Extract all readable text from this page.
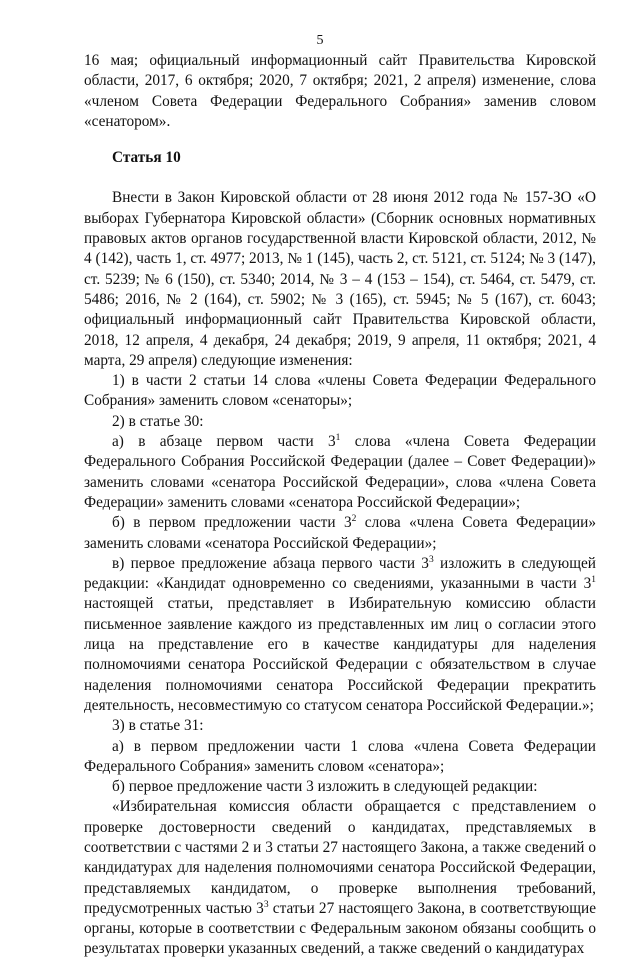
5

16 мая; официальный информационный сайт Правительства Кировской области, 2017, 6 октября; 2020, 7 октября; 2021, 2 апреля) изменение, слова «членом Совета Федерации Федерального Собрания» заменив словом «сенатором».

Статья 10

Внести в Закон Кировской области от 28 июня 2012 года № 157-ЗО «О выборах Губернатора Кировской области» (Сборник основных нормативных правовых актов органов государственной власти Кировской области, 2012, № 4 (142), часть 1, ст. 4977; 2013, № 1 (145), часть 2, ст. 5121, ст. 5124; № 3 (147), ст. 5239; № 6 (150), ст. 5340; 2014, № 3 – 4 (153 – 154), ст. 5464, ст. 5479, ст. 5486; 2016, № 2 (164), ст. 5902; № 3 (165), ст. 5945; № 5 (167), ст. 6043; официальный информационный сайт Правительства Кировской области, 2018, 12 апреля, 4 декабря, 24 декабря; 2019, 9 апреля, 11 октября; 2021, 4 марта, 29 апреля) следующие изменения:

1) в части 2 статьи 14 слова «члены Совета Федерации Федерального Собрания» заменить словом «сенаторы»;

2) в статье 30:

а) в абзаце первом части $3^1$ слова «члена Совета Федерации Федерального Собрания Российской Федерации (далее – Совет Федерации)» заменить словами «сенатора Российской Федерации», слова «члена Совета Федерации» заменить словами «сенатора Российской Федерации»;

б) в первом предложении части $3^2$ слова «члена Совета Федерации» заменить словами «сенатора Российской Федерации»;

в) первое предложение абзаца первого части $3^3$ изложить в следующей редакции: «Кандидат одновременно со сведениями, указанными в части $3^1$ настоящей статьи, представляет в Избирательную комиссию области письменное заявление каждого из представленных им лиц о согласии этого лица на представление его в качестве кандидатуры для наделения полномочиями сенатора Российской Федерации с обязательством в случае наделения полномочиями сенатора Российской Федерации прекратить деятельность, несовместимую со статусом сенатора Российской Федерации.»;

3) в статье 31:

а) в первом предложении части 1 слова «члена Совета Федерации Федерального Собрания» заменить словом «сенатора»;

б) первое предложение части 3 изложить в следующей редакции:

«Избирательная комиссия области обращается с представлением о проверке достоверности сведений о кандидатах, представляемых в соответствии с частями 2 и 3 статьи 27 настоящего Закона, а также сведений о кандидатурах для наделения полномочиями сенатора Российской Федерации, представляемых кандидатом, о проверке выполнения требований, предусмотренных частью $3^3$ статьи 27 настоящего Закона, в соответствующие органы, которые в соответствии с Федеральным законом обязаны сообщить о результатах проверки указанных сведений, а также сведений о кандидатурах
